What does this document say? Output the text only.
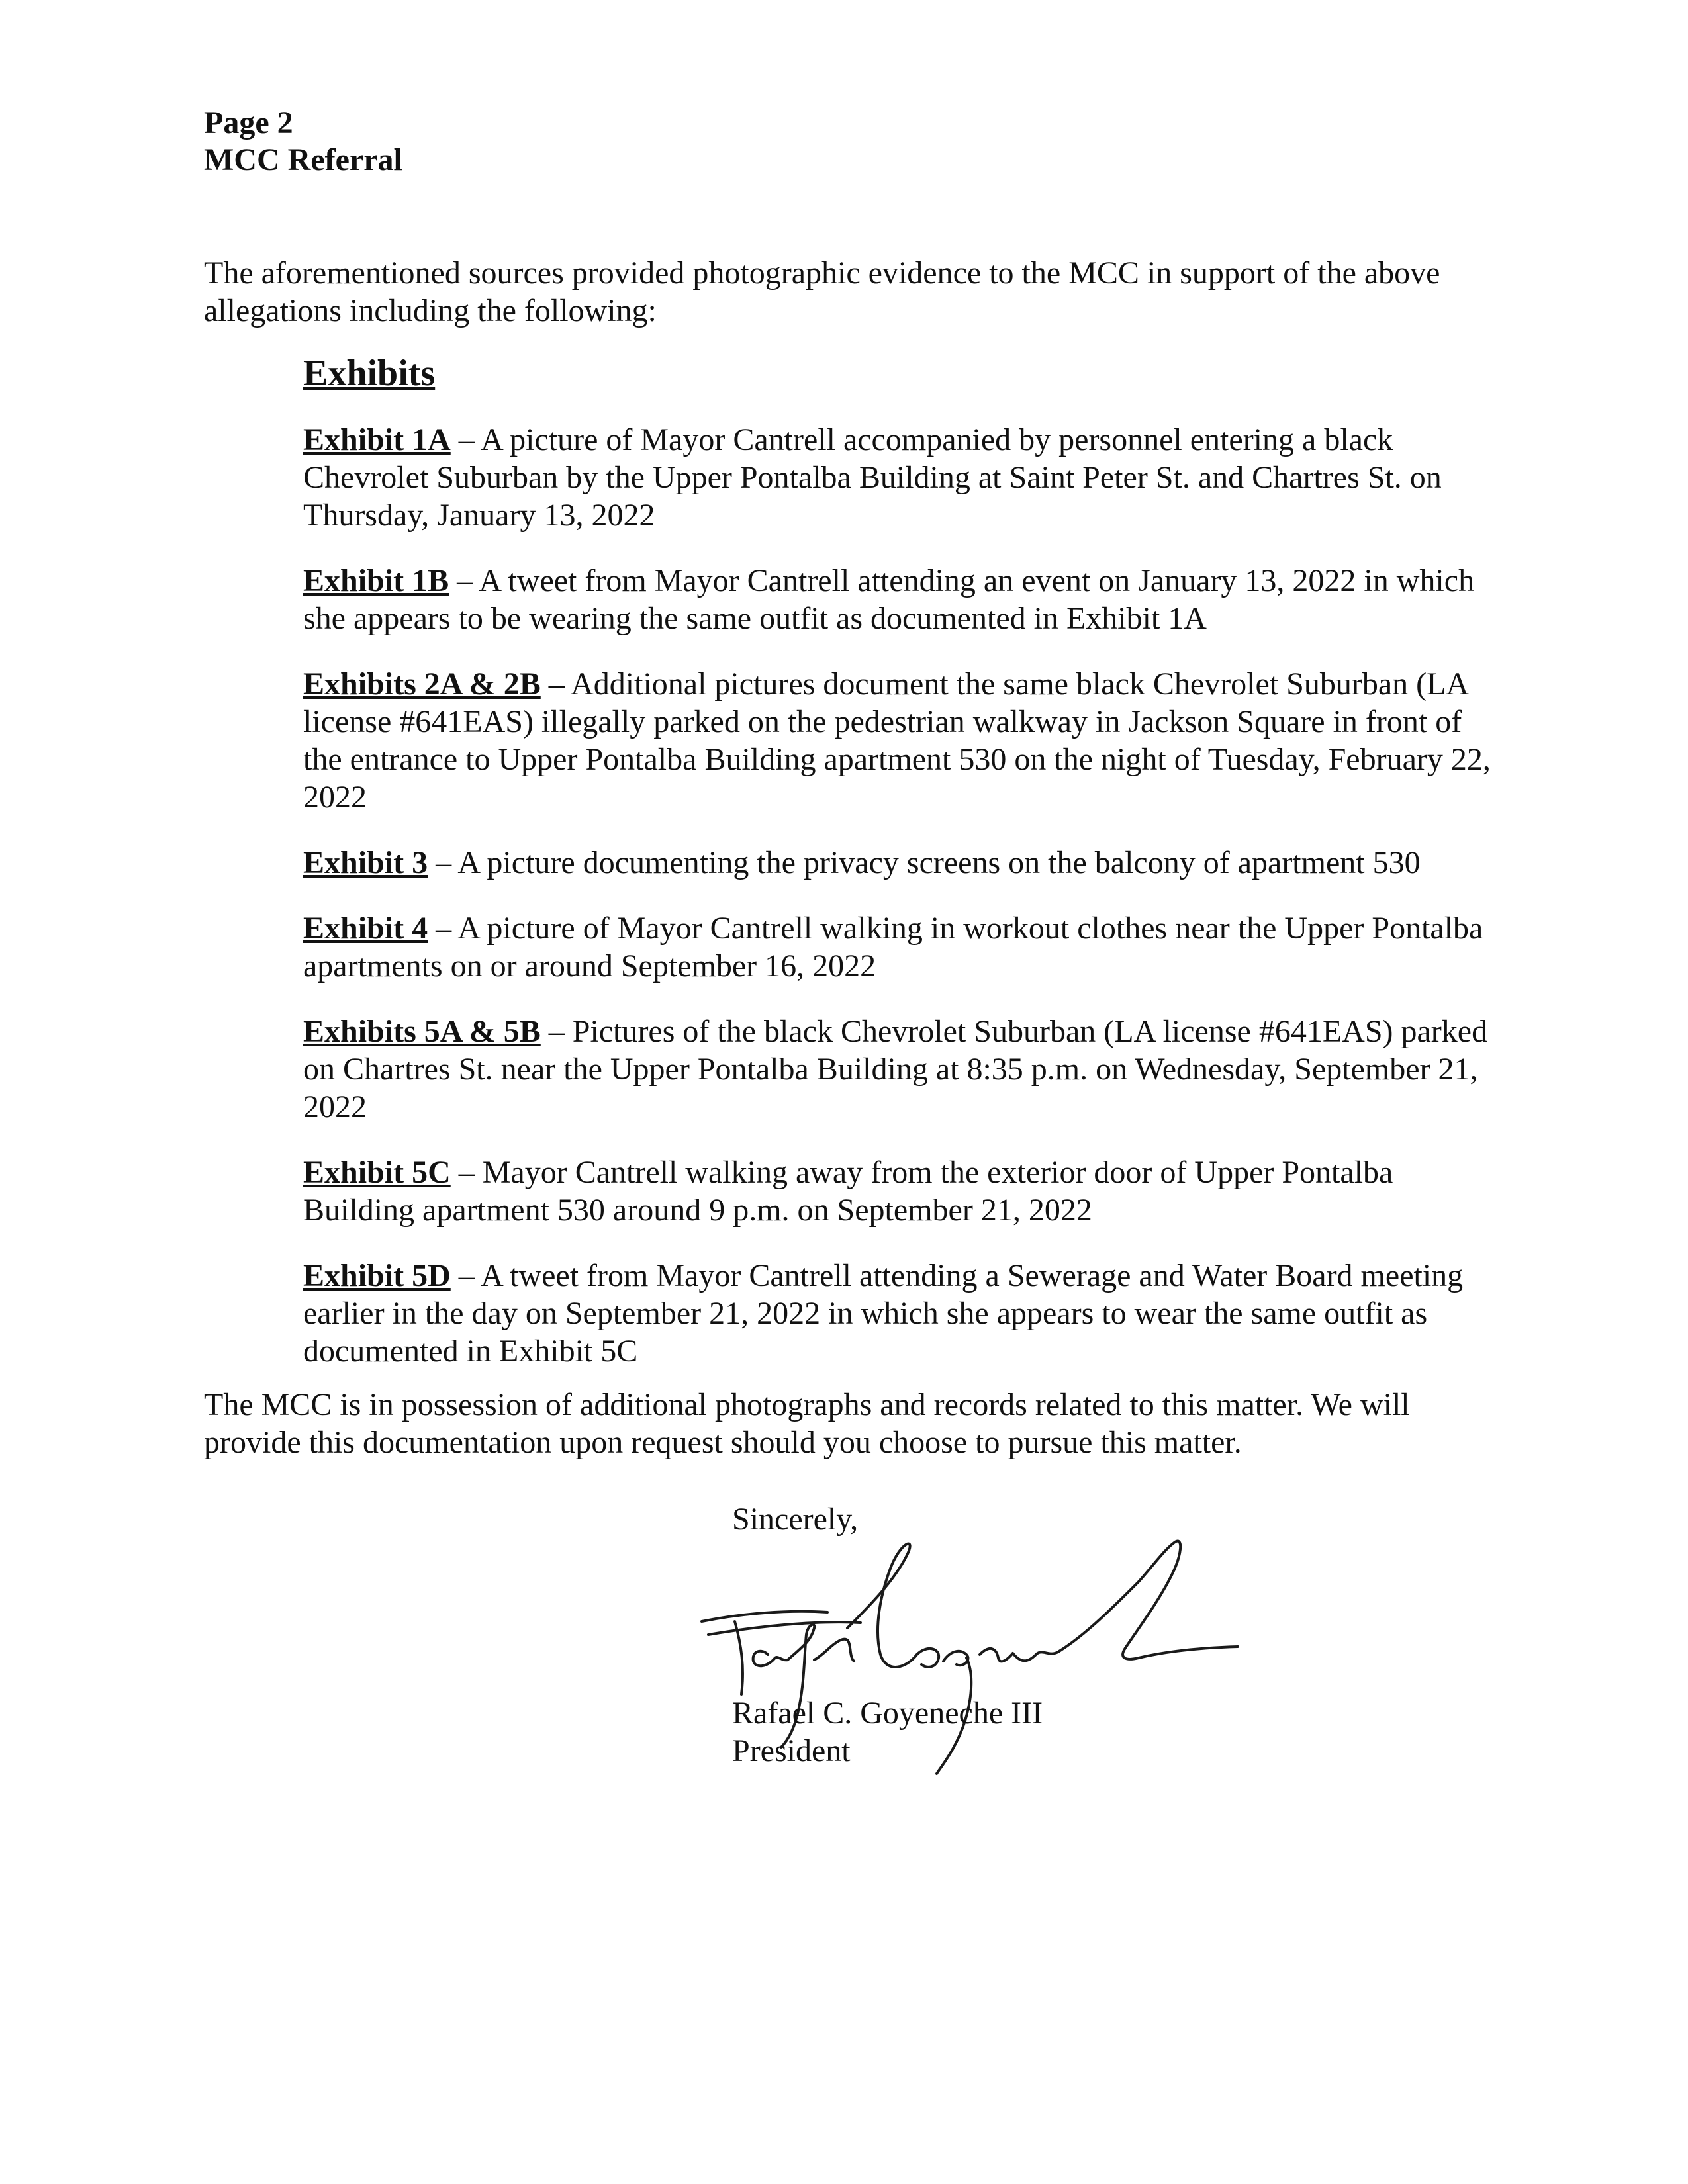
Page 2
MCC Referral
The aforementioned sources provided photographic evidence to the MCC in support of the above allegations including the following:
Exhibits

Exhibit 1A – A picture of Mayor Cantrell accompanied by personnel entering a black Chevrolet Suburban by the Upper Pontalba Building at Saint Peter St. and Chartres St. on Thursday, January 13, 2022

Exhibit 1B – A tweet from Mayor Cantrell attending an event on January 13, 2022 in which she appears to be wearing the same outfit as documented in Exhibit 1A

Exhibits 2A & 2B – Additional pictures document the same black Chevrolet Suburban (LA license #641EAS) illegally parked on the pedestrian walkway in Jackson Square in front of the entrance to Upper Pontalba Building apartment 530 on the night of Tuesday, February 22, 2022

Exhibit 3 – A picture documenting the privacy screens on the balcony of apartment 530

Exhibit 4 – A picture of Mayor Cantrell walking in workout clothes near the Upper Pontalba apartments on or around September 16, 2022

Exhibits 5A & 5B – Pictures of the black Chevrolet Suburban (LA license #641EAS) parked on Chartres St. near the Upper Pontalba Building at 8:35 p.m. on Wednesday, September 21, 2022

Exhibit 5C – Mayor Cantrell walking away from the exterior door of Upper Pontalba Building apartment 530 around 9 p.m. on September 21, 2022

Exhibit 5D – A tweet from Mayor Cantrell attending a Sewerage and Water Board meeting earlier in the day on September 21, 2022 in which she appears to wear the same outfit as documented in Exhibit 5C

The MCC is in possession of additional photographs and records related to this matter. We will provide this documentation upon request should you choose to pursue this matter.
Sincerely,
Rafael C. Goyeneche III
President
